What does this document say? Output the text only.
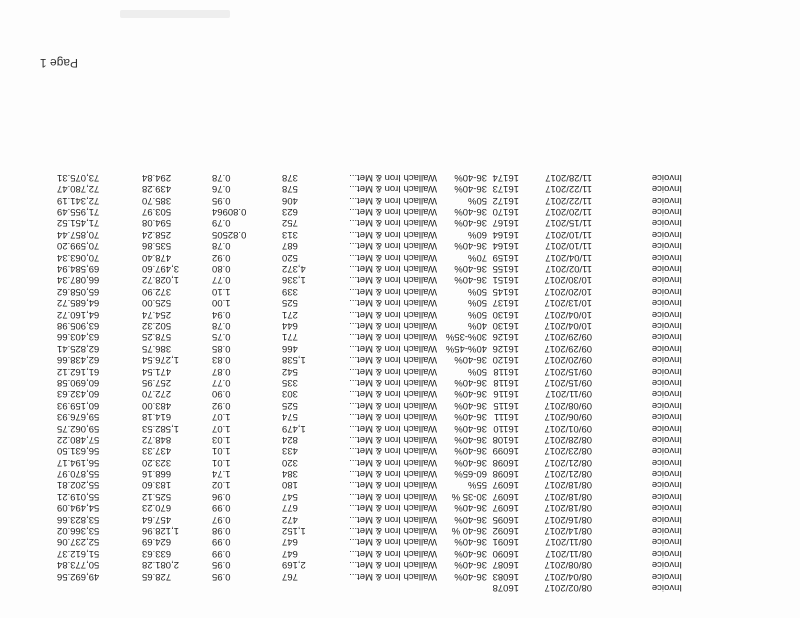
Page 1
Invoice
08/02/2017
16078
Invoice
08/04/2017
16083
36-40%
Wallach Iron & Met...
767
0.95
728.65
49,692.56
Invoice
08/08/2017
16087
36-40%
Wallach Iron & Met...
2,169
0.95
2,081.28
50,773.84
Invoice
08/11/2017
16090
36-40%
Wallach Iron & Met...
647
0.99
633.63
51,612.37
Invoice
08/11/2017
16091
36-40%
Wallach Iron & Met...
647
0.99
624.69
52,237.06
Invoice
08/14/2017
16092
36-40 %
Wallach Iron & Met...
1,152
0.98
1,128.96
53,366.02
Invoice
08/16/2017
16095
36-40%
Wallach Iron & Met...
472
0.97
457.64
53,823.66
Invoice
08/18/2017
16097
36-40%
Wallach Iron & Met...
677
0.99
670.23
54,494.09
Invoice
08/18/2017
16097
30-35 %
Wallach Iron & Met...
547
0.96
525.12
55,019.21
Invoice
08/18/2017
16097
55%
Wallach Iron & Met...
180
1.02
183.60
55,202.81
Invoice
08/21/2017
16098
60-65%
Wallach Iron & Met...
384
1.74
668.16
55,870.97
Invoice
08/21/2017
16098
36-40%
Wallach Iron & Met...
320
1.01
323.20
56,194.17
Invoice
08/23/2017
16099
36-40%
Wallach Iron & Met...
433
1.01
437.33
56,631.50
Invoice
08/28/2017
16108
36-40%
Wallach Iron & Met...
824
1.03
848.72
57,480.22
Invoice
09/01/2017
16110
36-40%
Wallach Iron & Met...
1,479
1.07
1,582.53
59,062.75
Invoice
09/06/2017
16111
36-40%
Wallach Iron & Met...
574
1.07
614.18
59,676.93
Invoice
09/08/2017
16115
36-40%
Wallach Iron & Met...
525
0.92
483.00
60,159.93
Invoice
09/11/2017
16116
36-40%
Wallach Iron & Met...
303
0.90
272.70
60,432.63
Invoice
09/15/2017
16118
36-40%
Wallach Iron & Met...
335
0.77
257.95
60,690.58
Invoice
09/15/2017
16118
50%
Wallach Iron & Met...
542
0.87
471.54
61,162.12
Invoice
09/20/2017
16120
36-40%
Wallach Iron & Met...
1,538
0.83
1,276.54
62,438.66
Invoice
09/29/2017
16126
40%-45%
Wallach Iron & Met...
466
0.85
386.75
62,825.41
Invoice
09/29/2017
16126
30%-35%
Wallach Iron & Met...
771
0.75
578.25
63,403.66
Invoice
10/04/2017
16130
40%
Wallach Iron & Met...
644
0.78
502.32
63,905.98
Invoice
10/04/2017
16130
50%
Wallach Iron & Met...
271
0.94
254.74
64,160.72
Invoice
10/13/2017
16137
50%
Wallach Iron & Met...
525
1.00
525.00
64,685.72
Invoice
10/20/2017
16145
50%
Wallach Iron & Met...
339
1.10
372.90
65,058.62
Invoice
10/30/2017
16151
36-40%
Wallach Iron & Met...
1,336
0.77
1,028.72
66,087.34
Invoice
11/02/2017
16155
36-40%
Wallach Iron & Met...
4,372
0.80
3,497.60
69,584.94
Invoice
11/04/2017
16159
70%
Wallach Iron & Met...
520
0.92
478.40
70,063.34
Invoice
11/10/2017
16164
36-40%
Wallach Iron & Met...
687
0.78
535.86
70,599.20
Invoice
11/10/2017
16164
60%
Wallach Iron & Met...
313
0.82505
258.24
70,857.44
Invoice
11/15/2017
16167
36-40%
Wallach Iron & Met...
752
0.79
594.08
71,451.52
Invoice
11/20/2017
16170
36-40%
Wallach Iron & Met...
623
0.80964
503.97
71,955.49
Invoice
11/22/2017
16172
50%
Wallach Iron & Met...
406
0.95
385.70
72,341.19
Invoice
11/22/2017
16173
36-40%
Wallach Iron & Met...
578
0.76
439.28
72,780.47
Invoice
11/28/2017
16174
36-40%
Wallach Iron & Met...
378
0.78
294.84
73,075.31
